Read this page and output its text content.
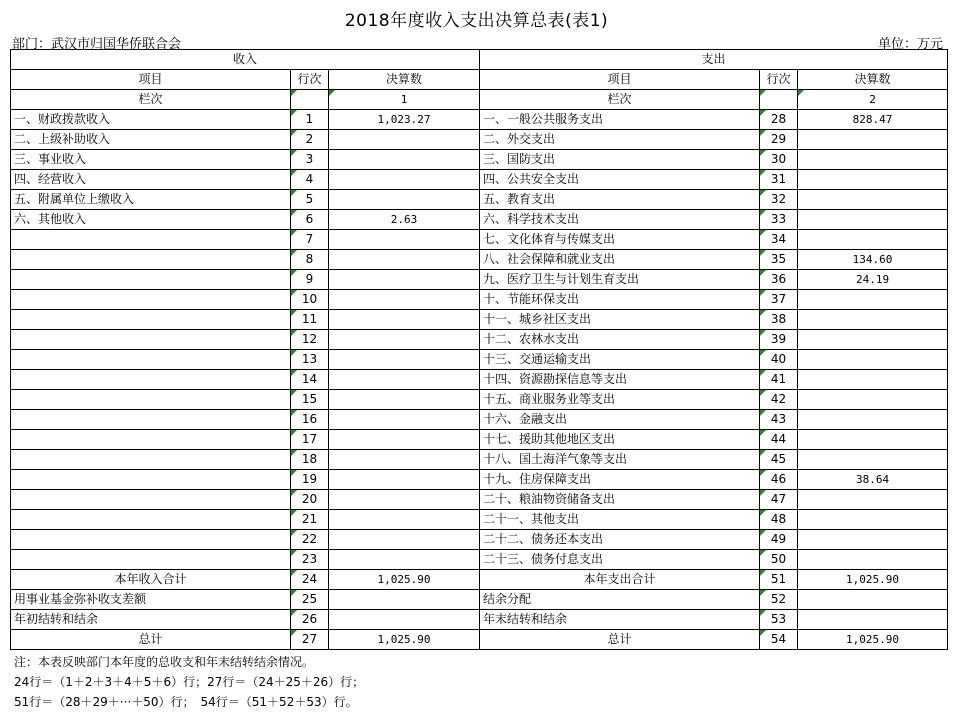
2018年度收入支出决算总表(表1)
部门：武汉市归国华侨联合会	单位：万元
收入			支出		
项目	行次	决算数	项目	行次	决算数
栏次		1	栏次		2
一、财政拨款收入	1	1,023.27	一、一般公共服务支出	28	828.47
二、上级补助收入	2		二、外交支出	29	
三、事业收入	3		三、国防支出	30	
四、经营收入	4		四、公共安全支出	31	
五、附属单位上缴收入	5		五、教育支出	32	
六、其他收入	6	2.63	六、科学技术支出	33	
	7		七、文化体育与传媒支出	34	
	8		八、社会保障和就业支出	35	134.60
	9		九、医疗卫生与计划生育支出	36	24.19
	10		十、节能环保支出	37	
	11		十一、城乡社区支出	38	
	12		十二、农林水支出	39	
	13		十三、交通运输支出	40	
	14		十四、资源勘探信息等支出	41	
	15		十五、商业服务业等支出	42	
	16		十六、金融支出	43	
	17		十七、援助其他地区支出	44	
	18		十八、国土海洋气象等支出	45	
	19		十九、住房保障支出	46	38.64
	20		二十、粮油物资储备支出	47	
	21		二十一、其他支出	48	
	22		二十二、债务还本支出	49	
	23		二十三、债务付息支出	50	
本年收入合计	24	1,025.90	本年支出合计	51	1,025.90
用事业基金弥补收支差额	25		结余分配	52	
年初结转和结余	26		年末结转和结余	53	
总计	27	1,025.90	总计	54	1,025.90
注：本表反映部门本年度的总收支和年末结转结余情况。
24行＝（1＋2＋3＋4＋5＋6）行；27行＝（24＋25＋26）行；
51行＝（28＋29＋···＋50）行；　54行＝（51＋52＋53）行。
